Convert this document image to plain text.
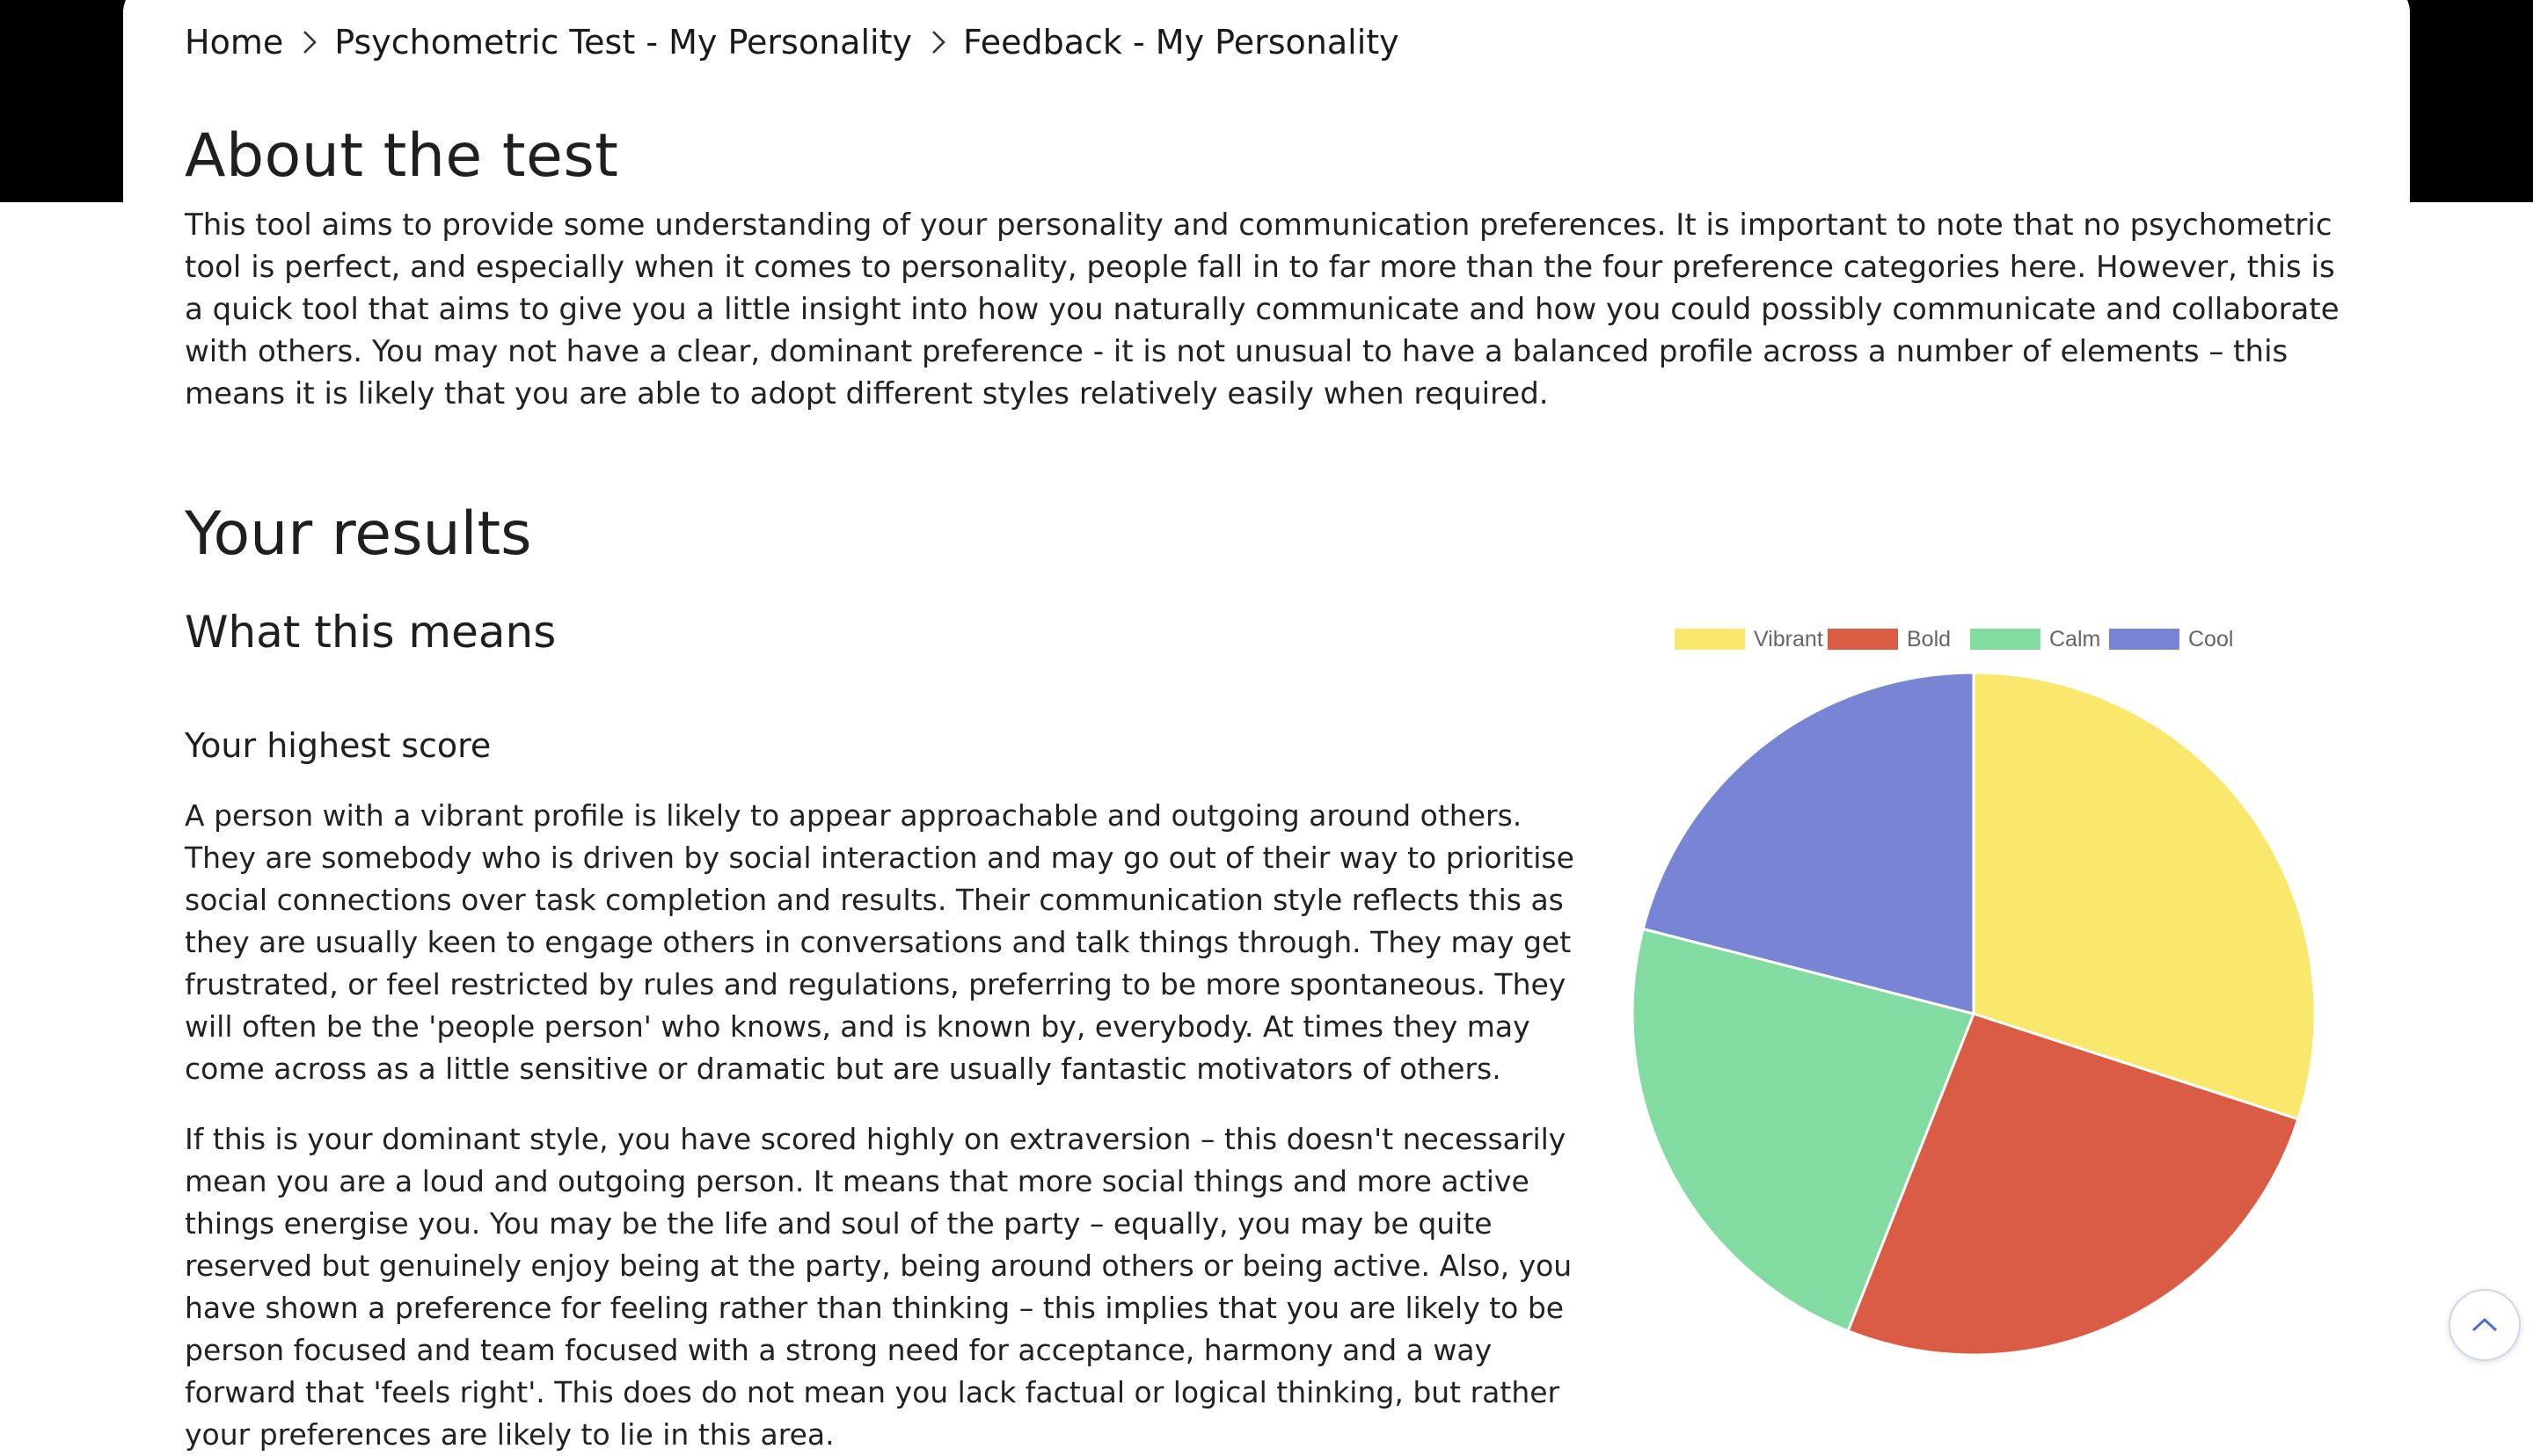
Home Psychometric Test - My Personality Feedback - My Personality
About the test

This tool aims to provide some understanding of your personality and communication preferences. It is important to note that no psychometric tool is perfect, and especially when it comes to personality, people fall in to far more than the four preference categories here. However, this is a quick tool that aims to give you a little insight into how you naturally communicate and how you could possibly communicate and collaborate with others. You may not have a clear, dominant preference - it is not unusual to have a balanced profile across a number of elements – this means it is likely that you are able to adopt different styles relatively easily when required.

Your results
What this means
Your highest score

A person with a vibrant profile is likely to appear approachable and outgoing around others. They are somebody who is driven by social interaction and may go out of their way to prioritise social connections over task completion and results. Their communication style reflects this as they are usually keen to engage others in conversations and talk things through. They may get frustrated, or feel restricted by rules and regulations, preferring to be more spontaneous. They will often be the 'people person' who knows, and is known by, everybody. At times they may come across as a little sensitive or dramatic but are usually fantastic motivators of others.

If this is your dominant style, you have scored highly on extraversion – this doesn't necessarily mean you are a loud and outgoing person. It means that more social things and more active things energise you. You may be the life and soul of the party – equally, you may be quite reserved but genuinely enjoy being at the party, being around others or being active. Also, you have shown a preference for feeling rather than thinking – this implies that you are likely to be person focused and team focused with a strong need for acceptance, harmony and a way forward that 'feels right'. This does do not mean you lack factual or logical thinking, but rather your preferences are likely to lie in this area.

Vibrant	Bold	Calm	Cool
